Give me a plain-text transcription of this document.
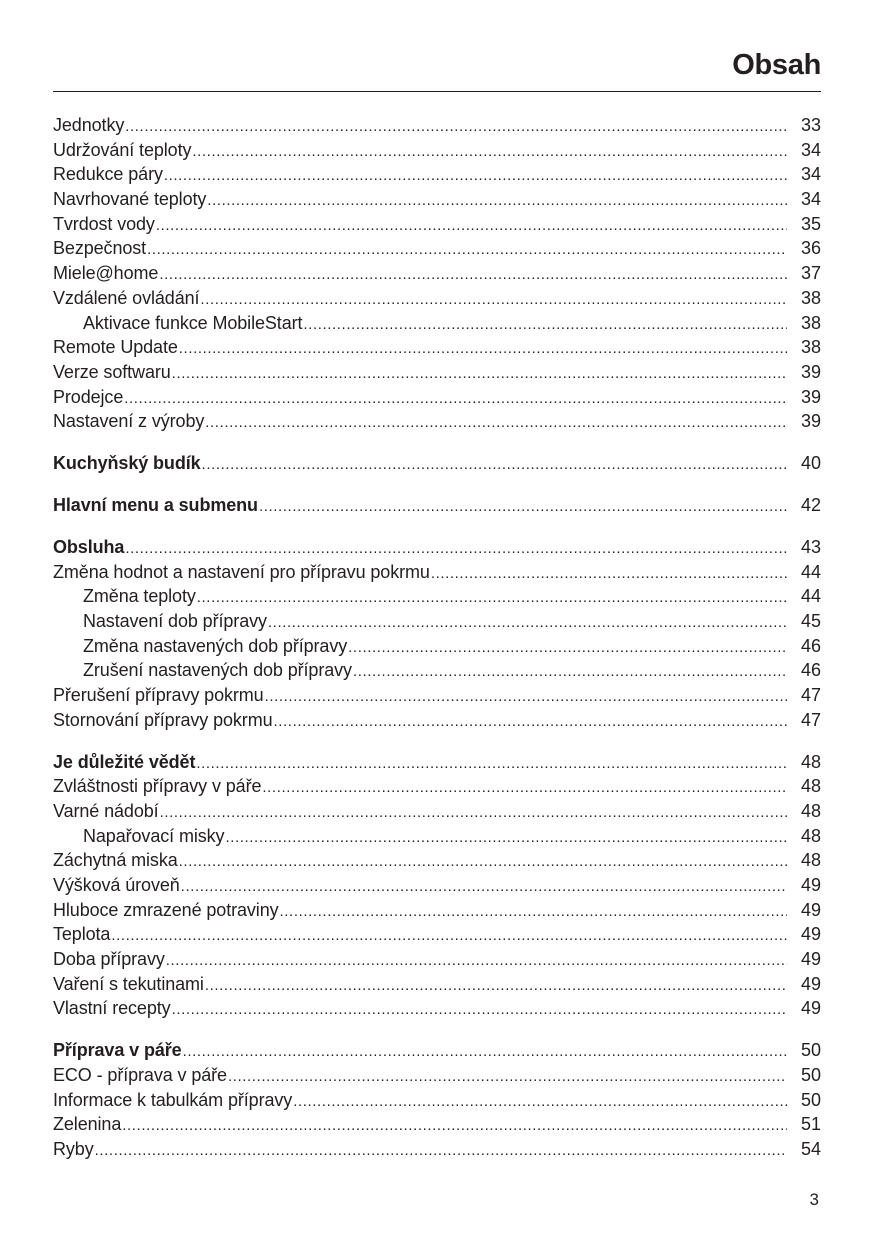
Obsah
Jednotky .....	33
Udržování teploty .....	34
Redukce páry .....	34
Navrhované teploty .....	34
Tvrdost vody .....	35
Bezpečnost .....	36
Miele@home .....	37
Vzdálené ovládání .....	38
Aktivace funkce MobileStart .....	38
Remote Update .....	38
Verze softwaru .....	39
Prodejce .....	39
Nastavení z výroby .....	39
Kuchyňský budík .....	40
Hlavní menu a submenu .....	42
Obsluha .....	43
Změna hodnot a nastavení pro přípravu pokrmu .....	44
Změna teploty .....	44
Nastavení dob přípravy .....	45
Změna nastavených dob přípravy .....	46
Zrušení nastavených dob přípravy .....	46
Přerušení přípravy pokrmu .....	47
Stornování přípravy pokrmu .....	47
Je důležité vědět .....	48
Zvláštnosti přípravy v páře .....	48
Varné nádobí .....	48
Napařovací misky .....	48
Záchytná miska .....	48
Výšková úroveň .....	49
Hluboce zmrazené potraviny .....	49
Teplota .....	49
Doba přípravy .....	49
Vaření s tekutinami .....	49
Vlastní recepty .....	49
Příprava v páře .....	50
ECO - příprava v páře .....	50
Informace k tabulkám přípravy .....	50
Zelenina .....	51
Ryby .....	54
3
